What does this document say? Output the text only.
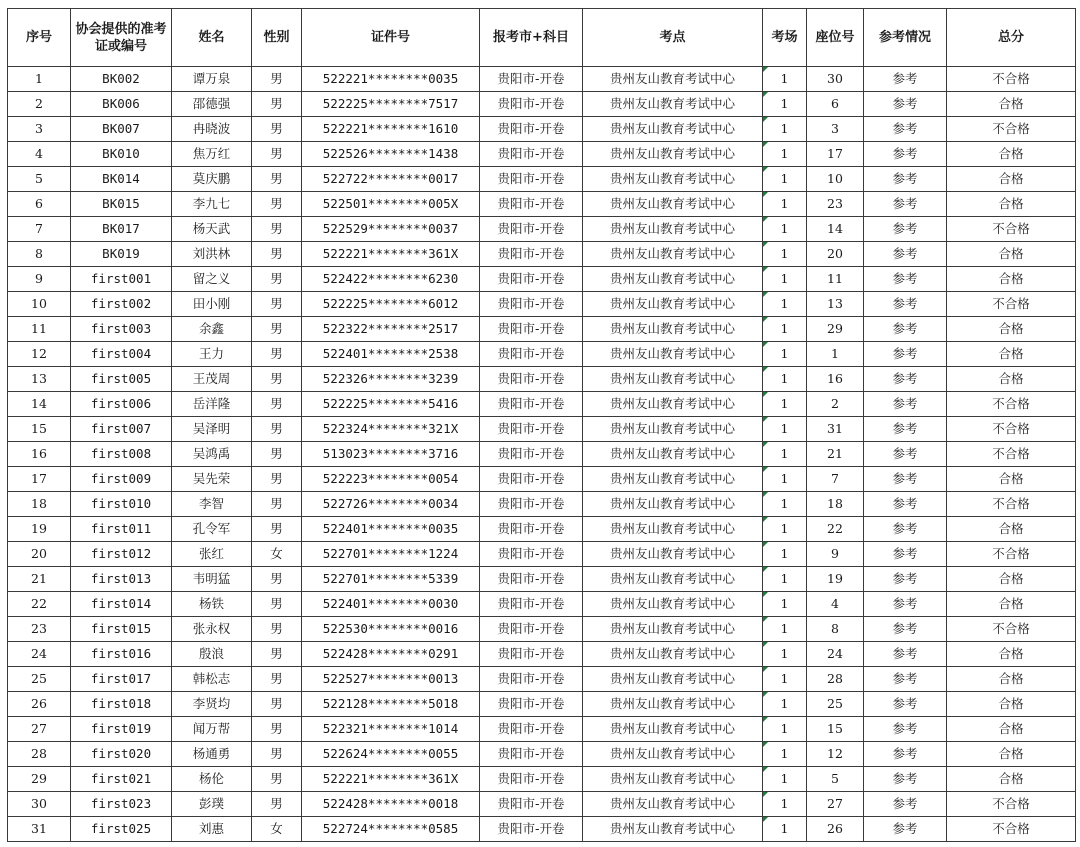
序号	协会提供的准考证或编号	姓名	性别	证件号	报考市+科目	考点	考场	座位号	参考情况	总分
1	BK002	谭万泉	男	522221********0035	贵阳市-开卷	贵州友山教育考试中心	1	30	参考	不合格
2	BK006	邵德强	男	522225********7517	贵阳市-开卷	贵州友山教育考试中心	1	6	参考	合格
3	BK007	冉晓波	男	522221********1610	贵阳市-开卷	贵州友山教育考试中心	1	3	参考	不合格
4	BK010	焦万红	男	522526********1438	贵阳市-开卷	贵州友山教育考试中心	1	17	参考	合格
5	BK014	莫庆鹏	男	522722********0017	贵阳市-开卷	贵州友山教育考试中心	1	10	参考	合格
6	BK015	李九七	男	522501********005X	贵阳市-开卷	贵州友山教育考试中心	1	23	参考	合格
7	BK017	杨天武	男	522529********0037	贵阳市-开卷	贵州友山教育考试中心	1	14	参考	不合格
8	BK019	刘洪林	男	522221********361X	贵阳市-开卷	贵州友山教育考试中心	1	20	参考	合格
9	first001	留之义	男	522422********6230	贵阳市-开卷	贵州友山教育考试中心	1	11	参考	合格
10	first002	田小刚	男	522225********6012	贵阳市-开卷	贵州友山教育考试中心	1	13	参考	不合格
11	first003	余鑫	男	522322********2517	贵阳市-开卷	贵州友山教育考试中心	1	29	参考	合格
12	first004	王力	男	522401********2538	贵阳市-开卷	贵州友山教育考试中心	1	1	参考	合格
13	first005	王茂周	男	522326********3239	贵阳市-开卷	贵州友山教育考试中心	1	16	参考	合格
14	first006	岳洋隆	男	522225********5416	贵阳市-开卷	贵州友山教育考试中心	1	2	参考	不合格
15	first007	吴泽明	男	522324********321X	贵阳市-开卷	贵州友山教育考试中心	1	31	参考	不合格
16	first008	吴鸿禹	男	513023********3716	贵阳市-开卷	贵州友山教育考试中心	1	21	参考	不合格
17	first009	吴先荣	男	522223********0054	贵阳市-开卷	贵州友山教育考试中心	1	7	参考	合格
18	first010	李智	男	522726********0034	贵阳市-开卷	贵州友山教育考试中心	1	18	参考	不合格
19	first011	孔令军	男	522401********0035	贵阳市-开卷	贵州友山教育考试中心	1	22	参考	合格
20	first012	张红	女	522701********1224	贵阳市-开卷	贵州友山教育考试中心	1	9	参考	不合格
21	first013	韦明猛	男	522701********5339	贵阳市-开卷	贵州友山教育考试中心	1	19	参考	合格
22	first014	杨铁	男	522401********0030	贵阳市-开卷	贵州友山教育考试中心	1	4	参考	合格
23	first015	张永权	男	522530********0016	贵阳市-开卷	贵州友山教育考试中心	1	8	参考	不合格
24	first016	殷浪	男	522428********0291	贵阳市-开卷	贵州友山教育考试中心	1	24	参考	合格
25	first017	韩松志	男	522527********0013	贵阳市-开卷	贵州友山教育考试中心	1	28	参考	合格
26	first018	李贤均	男	522128********5018	贵阳市-开卷	贵州友山教育考试中心	1	25	参考	合格
27	first019	闻万帮	男	522321********1014	贵阳市-开卷	贵州友山教育考试中心	1	15	参考	合格
28	first020	杨通勇	男	522624********0055	贵阳市-开卷	贵州友山教育考试中心	1	12	参考	合格
29	first021	杨伦	男	522221********361X	贵阳市-开卷	贵州友山教育考试中心	1	5	参考	合格
30	first023	彭璞	男	522428********0018	贵阳市-开卷	贵州友山教育考试中心	1	27	参考	不合格
31	first025	刘惠	女	522724********0585	贵阳市-开卷	贵州友山教育考试中心	1	26	参考	不合格
